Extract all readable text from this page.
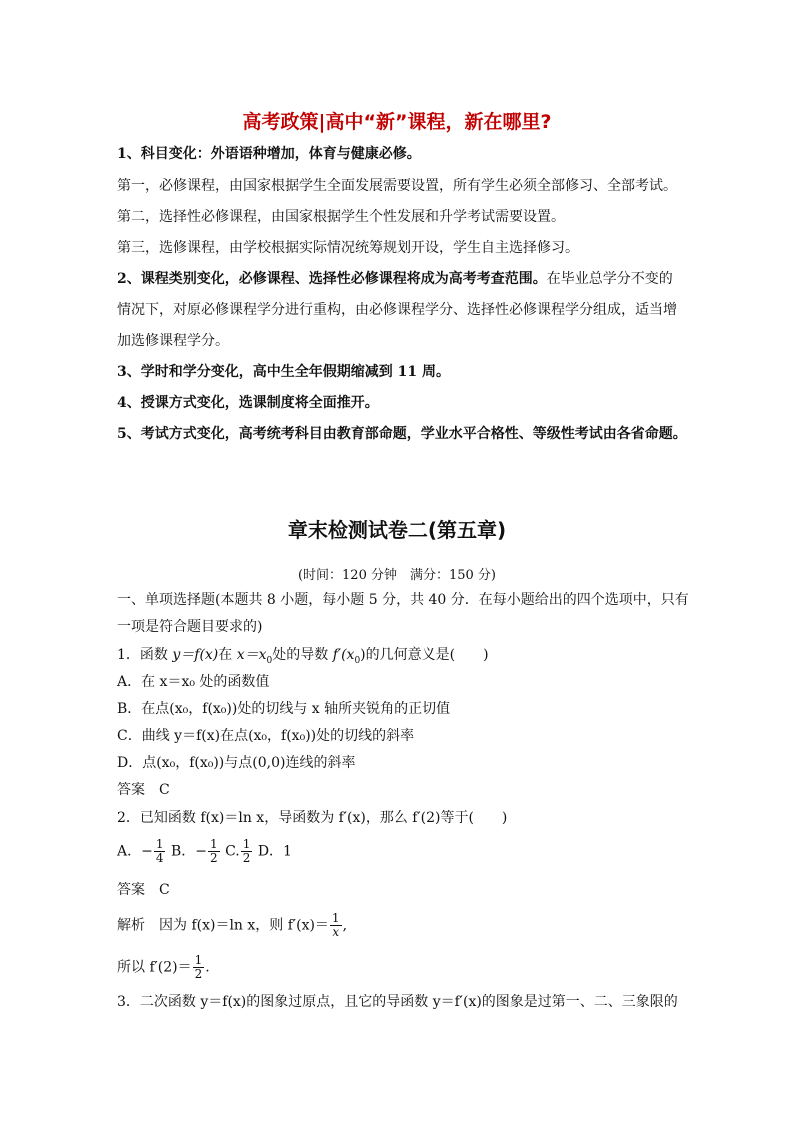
高考政策|高中“新”课程，新在哪里?
1、科目变化：外语语种增加，体育与健康必修。
第一，必修课程，由国家根据学生全面发展需要设置，所有学生必须全部修习、全部考试。
第二，选择性必修课程，由国家根据学生个性发展和升学考试需要设置。
第三，选修课程，由学校根据实际情况统筹规划开设，学生自主选择修习。
2、课程类别变化，必修课程、选择性必修课程将成为高考考查范围。在毕业总学分不变的
情况下，对原必修课程学分进行重构，由必修课程学分、选择性必修课程学分组成，适当增
加选修课程学分。
3、学时和学分变化，高中生全年假期缩减到 11 周。
4、授课方式变化，选课制度将全面推开。
5、考试方式变化，高考统考科目由教育部命题，学业水平合格性、等级性考试由各省命题。
章末检测试卷二(第五章)
(时间：120 分钟　满分：150 分)
一、单项选择题(本题共 8 小题，每小题 5 分，共 40 分．在每小题给出的四个选项中，只有
一项是符合题目要求的)
1．函数 y＝f(x)在 $x=x_0$处的导数 $f'(x_0)$的几何意义是(　　)
A．在 x＝x₀ 处的函数值
B．在点(x₀，f(x₀))处的切线与 x 轴所夹锐角的正切值
C．曲线 y＝f(x)在点(x₀，f(x₀))处的切线的斜率
D．点(x₀，f(x₀))与点(0,0)连线的斜率
答案　C
2．已知函数 f(x)＝ln x，导函数为 f′(x)，那么 f′(2)等于(　　)
A．− $\frac{1}{4}$ B．− $\frac{1}{2} C$. $\frac{1}{2}$ D．1
答案　C
解析　因为 f(x)＝ln x，则 $f'(x)= \frac{1}{x}$ ,
所以 $f'(2)= \frac{1}{2}$ .
3．二次函数 y＝f(x)的图象过原点，且它的导函数 y＝f′(x)的图象是过第一、二、三象限的
